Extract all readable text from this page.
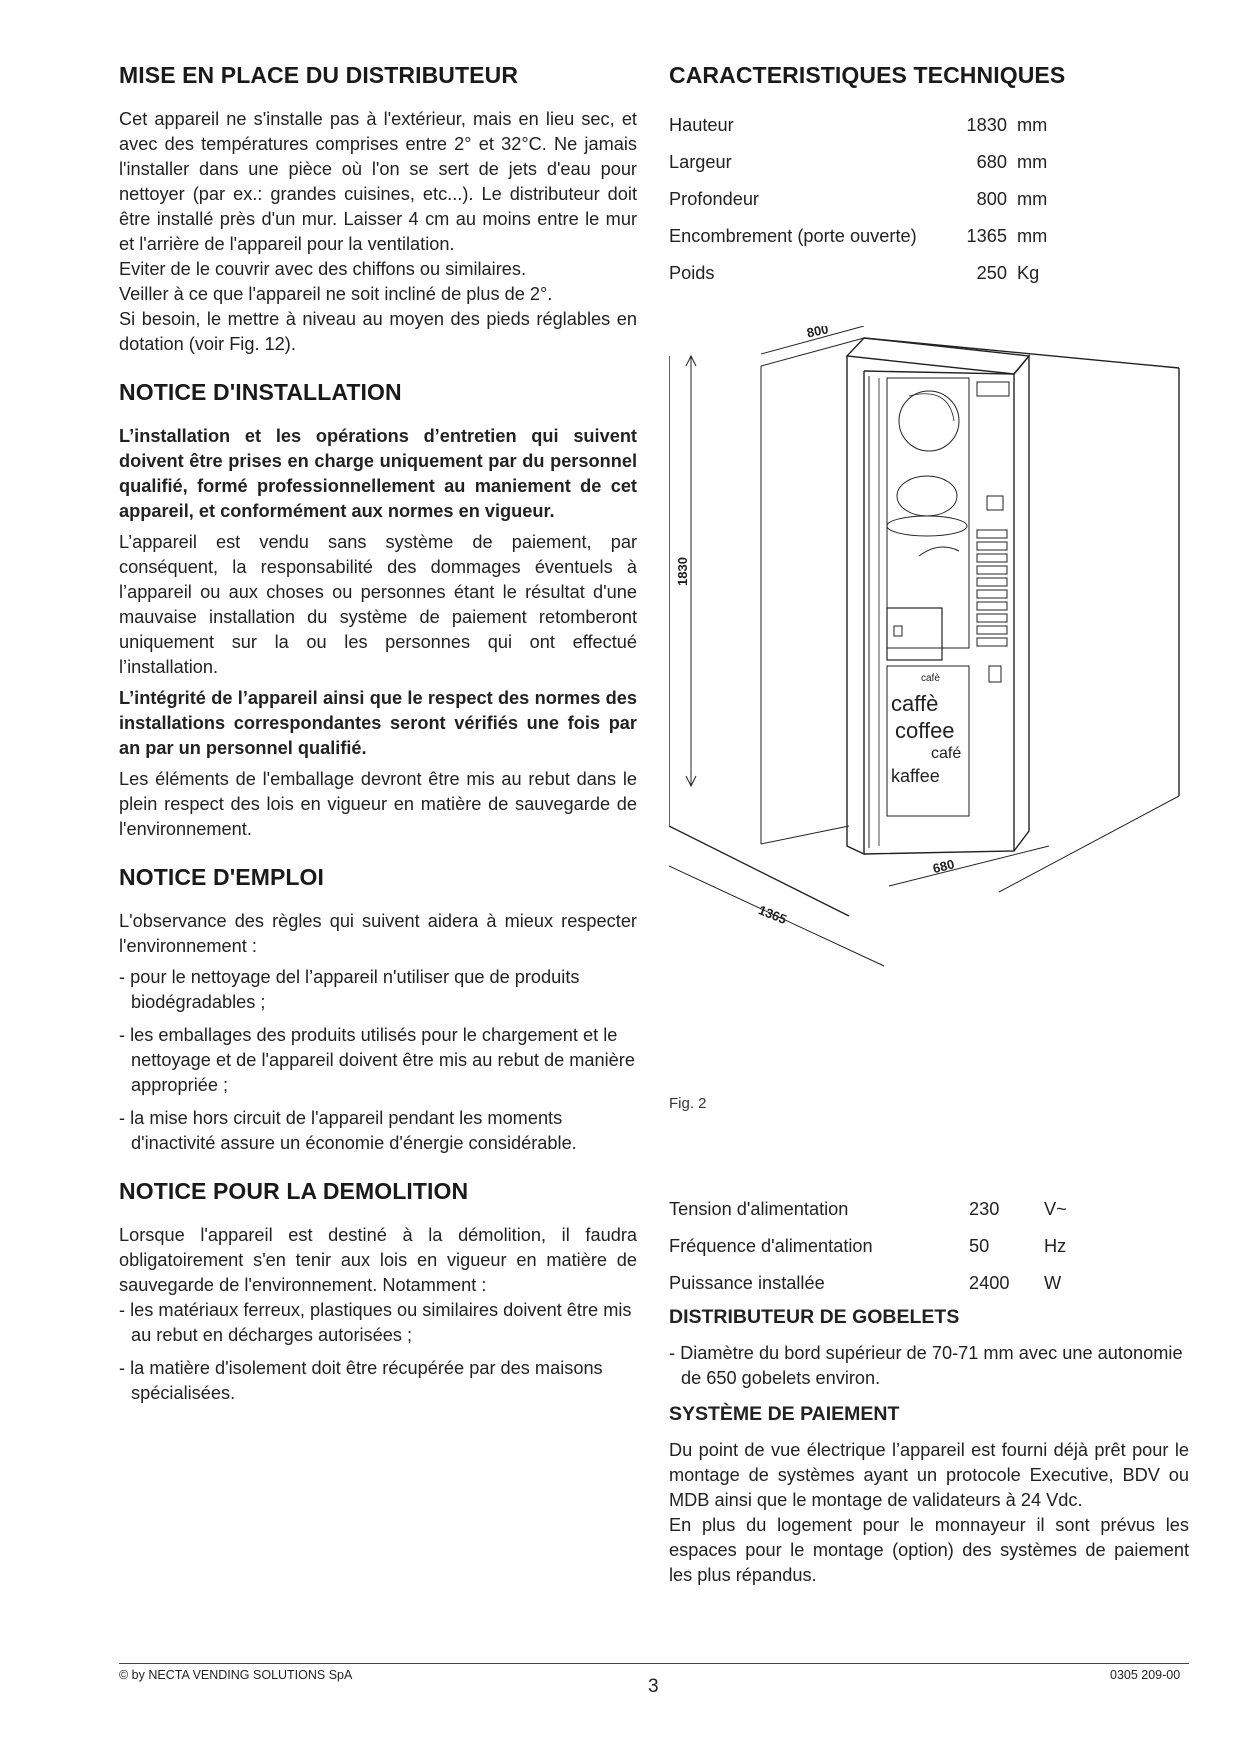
MISE EN PLACE DU DISTRIBUTEUR

Cet appareil ne s'installe pas à l'extérieur, mais en lieu sec, et avec des températures comprises entre 2° et 32°C. Ne jamais l'installer dans une pièce où l'on se sert de jets d'eau pour nettoyer (par ex.: grandes cuisines, etc...). Le distributeur doit être installé près d'un mur. Laisser 4 cm au moins entre le mur et l'arrière de l'appareil pour la ventilation.

Eviter de le couvrir avec des chiffons ou similaires.

Veiller à ce que l'appareil ne soit incliné de plus de 2°.

Si besoin, le mettre à niveau au moyen des pieds réglables en dotation (voir Fig. 12).

NOTICE D'INSTALLATION

L’installation et les opérations d’entretien qui suivent doivent être prises en charge uniquement par du personnel qualifié, formé professionnellement au maniement de cet appareil, et conformément aux normes en vigueur.

L’appareil est vendu sans système de paiement, par conséquent, la responsabilité des dommages éventuels à l’appareil ou aux choses ou personnes étant le résultat d'une mauvaise installation du système de paiement retomberont uniquement sur la ou les personnes qui ont effectué l’installation.

L’intégrité de l’appareil ainsi que le respect des normes des installations correspondantes seront vérifiés une fois par an par un personnel qualifié.

Les éléments de l'emballage devront être mis au rebut dans le plein respect des lois en vigueur en matière de sauvegarde de l'environnement.

NOTICE D'EMPLOI

L'observance des règles qui suivent aidera à mieux respecter l'environnement :

- pour le nettoyage del l’appareil n'utiliser que de produits biodégradables ;
- les emballages des produits utilisés pour le chargement et le nettoyage et de l'appareil doivent être mis au rebut de manière appropriée ;
- la mise hors circuit de l'appareil pendant les moments d'inactivité assure un économie d'énergie considérable.
NOTICE POUR LA DEMOLITION

Lorsque l'appareil est destiné à la démolition, il faudra obligatoirement s'en tenir aux lois en vigueur en matière de sauvegarde de l'environnement. Notamment :

- les matériaux ferreux, plastiques ou similaires doivent être mis au rebut en décharges autorisées ;
- la matière d'isolement doit être récupérée par des maisons spécialisées.
CARACTERISTIQUES TECHNIQUES
Hauteur	1830	mm
Largeur	680	mm
Profondeur	800	mm
Encombrement (porte ouverte)	1365	mm
Poids	250	Kg
cafè
caffè
coffee
café
kaffee
1830
800
1365
680
Fig. 2
Tension d'alimentation	230	V~
Fréquence d'alimentation	50	Hz
Puissance installée	2400	W
DISTRIBUTEUR DE GOBELETS
- Diamètre du bord supérieur de 70-71 mm avec une autonomie de 650 gobelets environ.
SYSTÈME DE PAIEMENT

Du point de vue électrique l’appareil est fourni déjà prêt pour le montage de systèmes ayant un protocole Executive, BDV ou MDB ainsi que le montage de validateurs à 24 Vdc.

En plus du logement pour le monnayeur il sont prévus les espaces pour le montage (option) des systèmes de paiement les plus répandus.

© by NECTA VENDING SOLUTIONS SpA
3
0305 209-00
